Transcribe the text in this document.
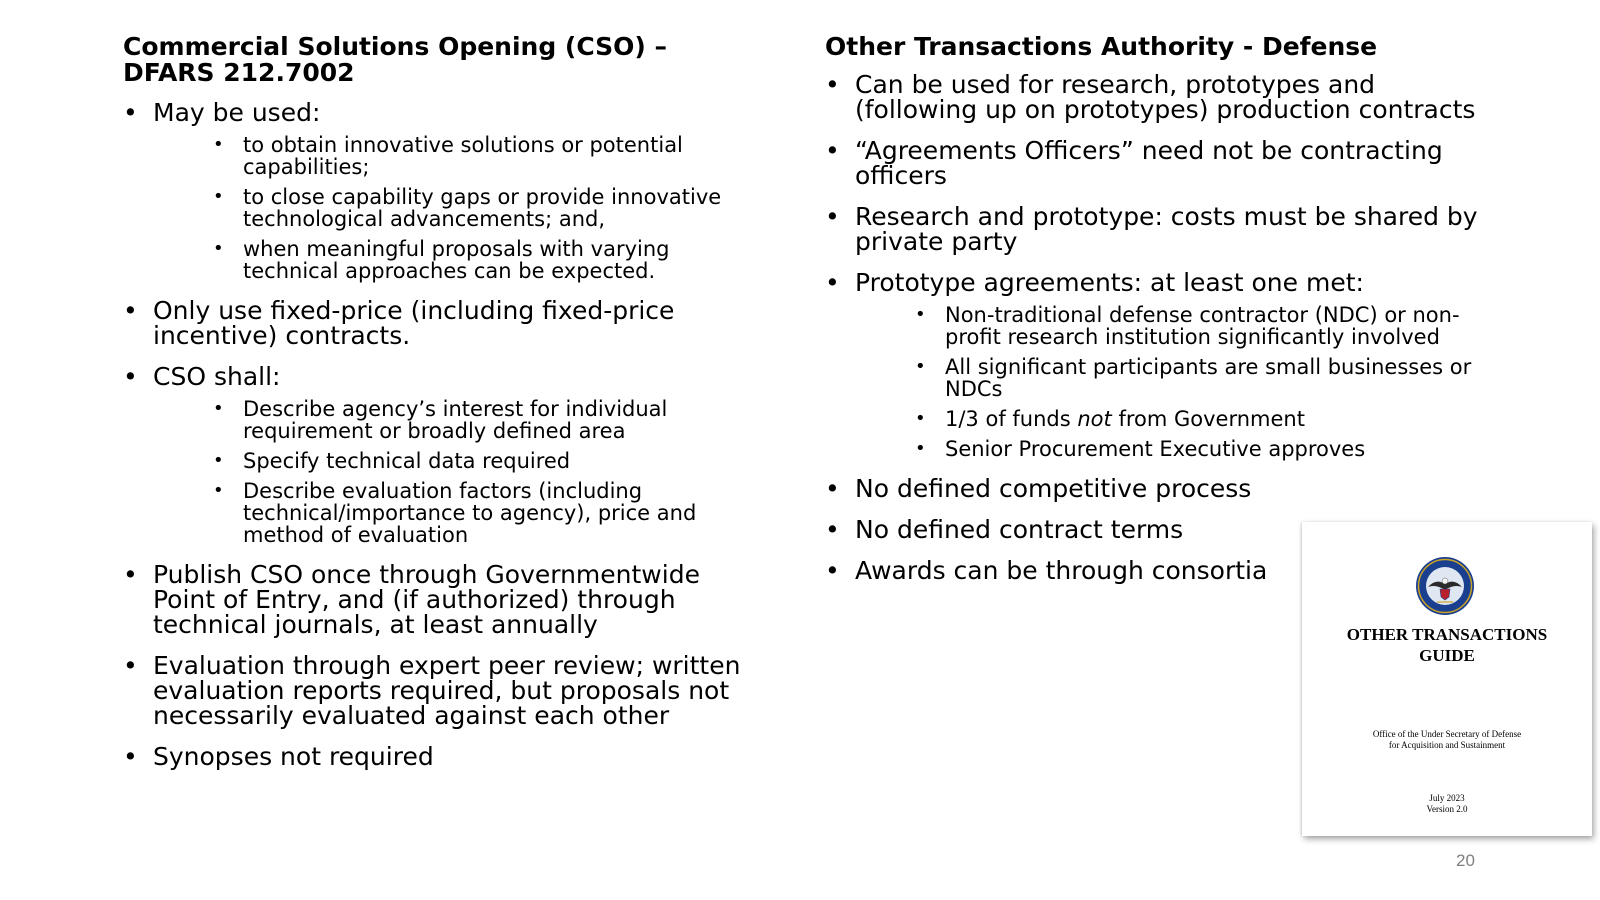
Commercial Solutions Opening (CSO) – DFARS 212.7002
• May be used:
• to obtain innovative solutions or potential capabilities;
• to close capability gaps or provide innovative technological advancements; and,
• when meaningful proposals with varying technical approaches can be expected.
• Only use fixed-price (including fixed-price incentive) contracts.
• CSO shall:
• Describe agency’s interest for individual requirement or broadly defined area
• Specify technical data required
• Describe evaluation factors (including technical/importance to agency), price and method of evaluation
• Publish CSO once through Governmentwide Point of Entry, and (if authorized) through technical journals, at least annually
• Evaluation through expert peer review; written evaluation reports required, but proposals not necessarily evaluated against each other
• Synopses not required
Other Transactions Authority - Defense
• Can be used for research, prototypes and (following up on prototypes) production contracts
• “Agreements Officers” need not be contracting officers
• Research and prototype: costs must be shared by private party
• Prototype agreements: at least one met:
• Non-traditional defense contractor (NDC) or non-profit research institution significantly involved
• All significant participants are small businesses or NDCs
• 1/3 of funds not from Government
• Senior Procurement Executive approves
• No defined competitive process
• No defined contract terms
• Awards can be through consortia
OTHER TRANSACTIONS
GUIDE
Office of the Under Secretary of Defense
for Acquisition and Sustainment
July 2023
Version 2.0
20
